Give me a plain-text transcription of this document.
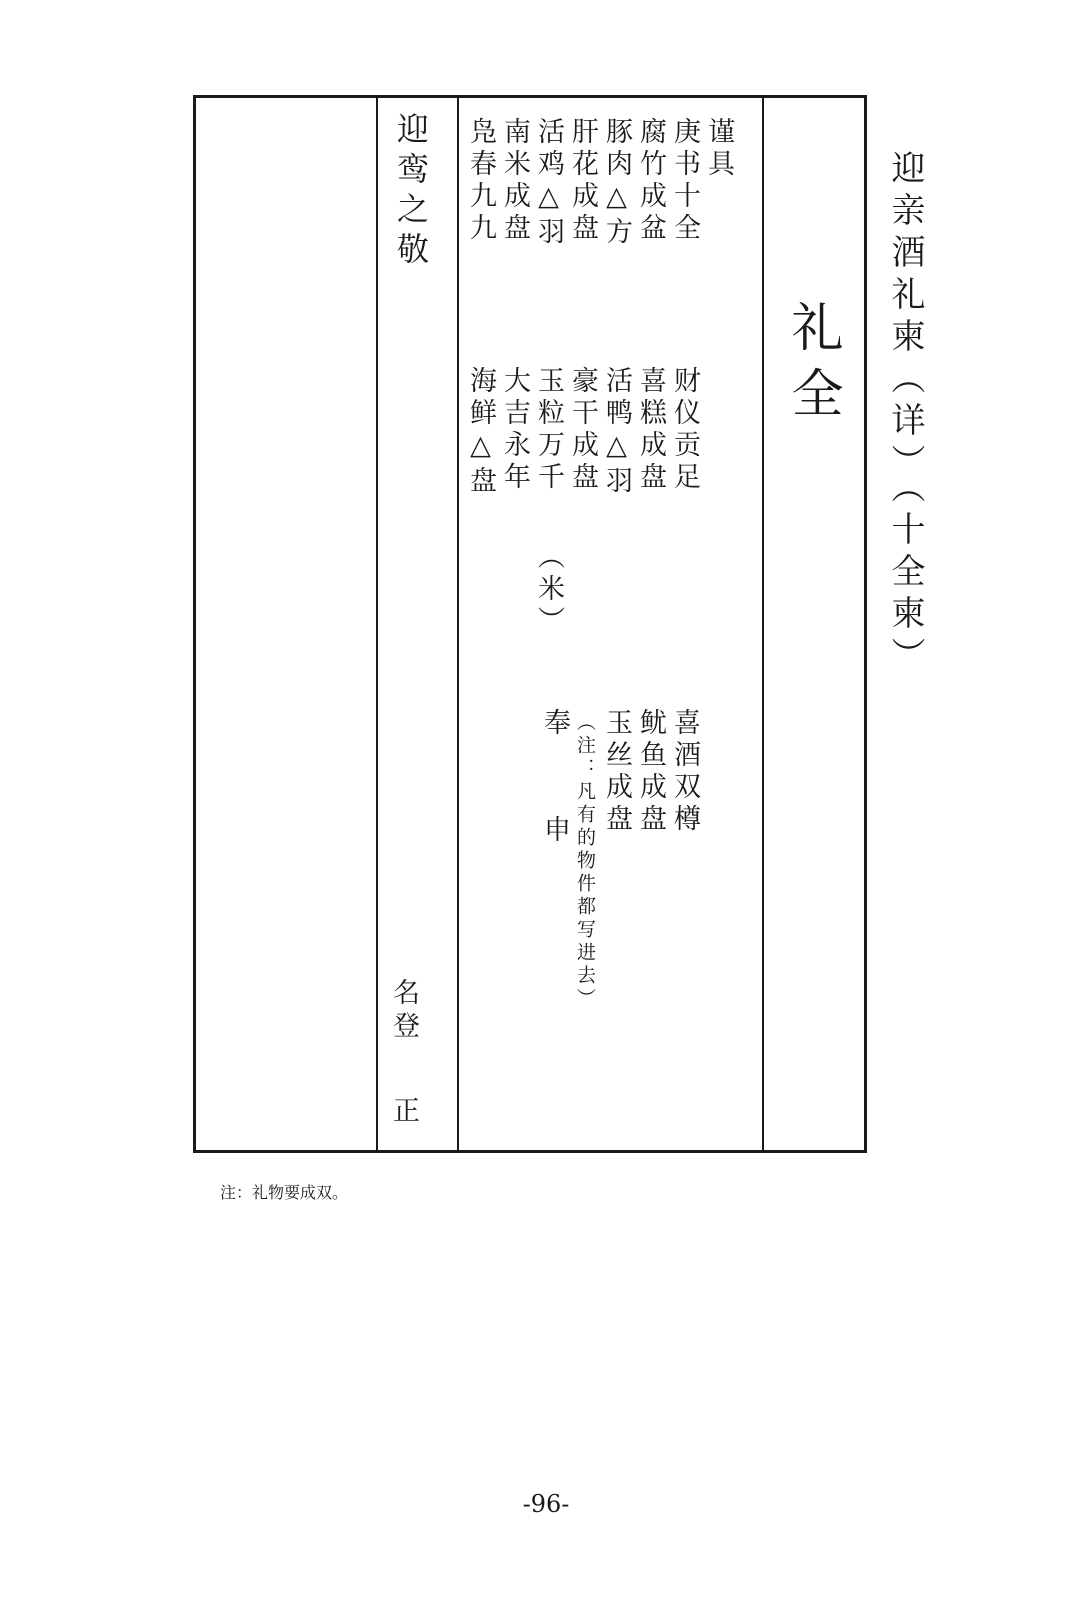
迎亲酒礼柬（详）（十全柬）
礼全
谨具
庚书十全
腐竹成盆
豚肉△方
肝花成盘
活鸡△羽
南米成盘
凫春九九
财仪贡足
喜糕成盘
活鸭△羽
豪干成盘
玉粒万千
大吉永年
海鲜△盘
（米）
喜酒双樽
鱿鱼成盘
玉丝成盘
（注：凡有的物件都写进去）
奉申
迎鸾之敬
名登
正
注：礼物要成双。
-96-
